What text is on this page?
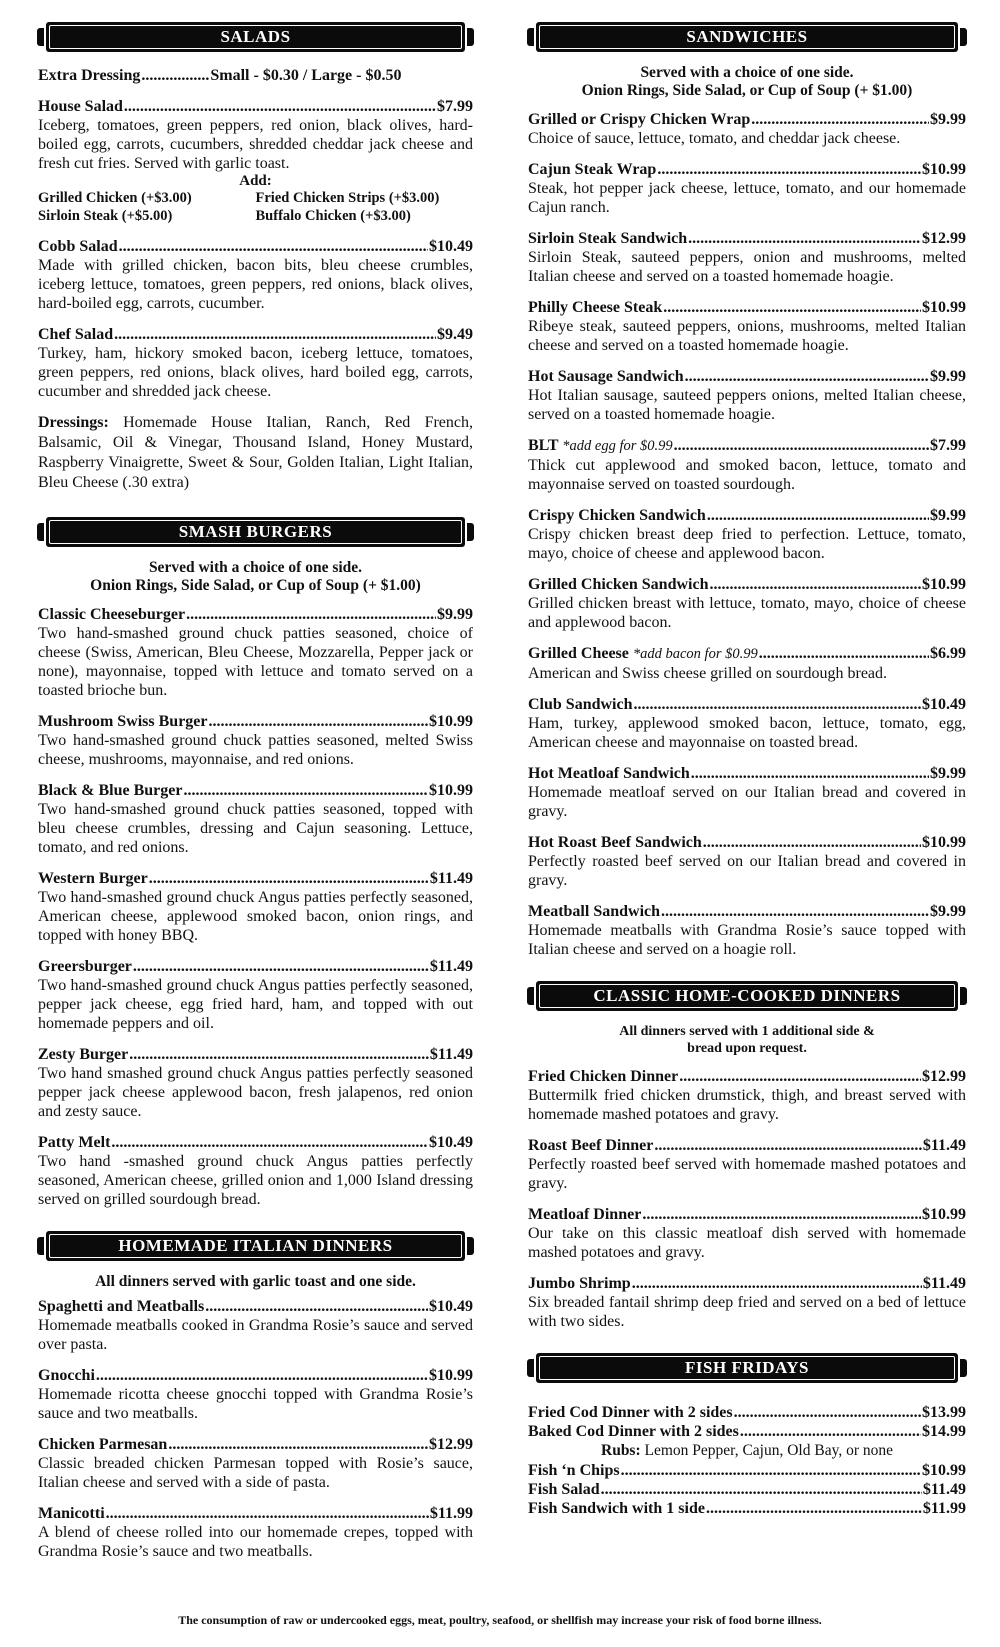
SALADS
Extra Dressing .....	Small - $0.30 / Large - $0.50
House Salad .....	$7.99
Iceberg, tomatoes, green peppers, red onion, black olives, hard-boiled egg, carrots, cucumbers, shredded cheddar jack cheese and fresh cut fries. Served with garlic toast.
Add:
Grilled Chicken (+$3.00)	Fried Chicken Strips (+$3.00)
Sirloin Steak (+$5.00)	Buffalo Chicken (+$3.00)
Cobb Salad .....	$10.49
Made with grilled chicken, bacon bits, bleu cheese crumbles, iceberg lettuce, tomatoes, green peppers, red onions, black olives, hard-boiled egg, carrots, cucumber.
Chef Salad .....	$9.49
Turkey, ham, hickory smoked bacon, iceberg lettuce, tomatoes, green peppers, red onions, black olives, hard boiled egg, carrots, cucumber and shredded jack cheese.
Dressings: Homemade House Italian, Ranch, Red French, Balsamic, Oil & Vinegar, Thousand Island, Honey Mustard, Raspberry Vinaigrette, Sweet & Sour, Golden Italian, Light Italian, Bleu Cheese (.30 extra)
SMASH BURGERS
Served with a choice of one side.
Onion Rings, Side Salad, or Cup of Soup (+ $1.00)
Classic Cheeseburger .....	$9.99
Two hand-smashed ground chuck patties seasoned, choice of cheese (Swiss, American, Bleu Cheese, Mozzarella, Pepper jack or none), mayonnaise, topped with lettuce and tomato served on a toasted brioche bun.
Mushroom Swiss Burger .....	$10.99
Two hand-smashed ground chuck patties seasoned, melted Swiss cheese, mushrooms, mayonnaise, and red onions.
Black & Blue Burger .....	$10.99
Two hand-smashed ground chuck patties seasoned, topped with bleu cheese crumbles, dressing and Cajun seasoning. Lettuce, tomato, and red onions.
Western Burger .....	$11.49
Two hand-smashed ground chuck Angus patties perfectly seasoned, American cheese, applewood smoked bacon, onion rings, and topped with honey BBQ.
Greersburger .....	$11.49
Two hand-smashed ground chuck Angus patties perfectly seasoned, pepper jack cheese, egg fried hard, ham, and topped with out homemade peppers and oil.
Zesty Burger .....	$11.49
Two hand smashed ground chuck Angus patties perfectly seasoned pepper jack cheese applewood bacon, fresh jalapenos, red onion and zesty sauce.
Patty Melt .....	$10.49
Two hand -smashed ground chuck Angus patties perfectly seasoned, American cheese, grilled onion and 1,000 Island dressing served on grilled sourdough bread.
HOMEMADE ITALIAN DINNERS
All dinners served with garlic toast and one side.
Spaghetti and Meatballs .....	$10.49
Homemade meatballs cooked in Grandma Rosie’s sauce and served over pasta.
Gnocchi .....	$10.99
Homemade ricotta cheese gnocchi topped with Grandma Rosie’s sauce and two meatballs.
Chicken Parmesan .....	$12.99
Classic breaded chicken Parmesan topped with Rosie’s sauce, Italian cheese and served with a side of pasta.
Manicotti .....	$11.99
A blend of cheese rolled into our homemade crepes, topped with Grandma Rosie’s sauce and two meatballs.
SANDWICHES
Served with a choice of one side.
Onion Rings, Side Salad, or Cup of Soup (+ $1.00)
Grilled or Crispy Chicken Wrap .....	$9.99
Choice of sauce, lettuce, tomato, and cheddar jack cheese.
Cajun Steak Wrap .....	$10.99
Steak, hot pepper jack cheese, lettuce, tomato, and our homemade Cajun ranch.
Sirloin Steak Sandwich .....	$12.99
Sirloin Steak, sauteed peppers, onion and mushrooms, melted Italian cheese and served on a toasted homemade hoagie.
Philly Cheese Steak .....	$10.99
Ribeye steak, sauteed peppers, onions, mushrooms, melted Italian cheese and served on a toasted homemade hoagie.
Hot Sausage Sandwich .....	$9.99
Hot Italian sausage, sauteed peppers onions, melted Italian cheese, served on a toasted homemade hoagie.
BLT *add egg for $0.99 .....	$7.99
Thick cut applewood and smoked bacon, lettuce, tomato and mayonnaise served on toasted sourdough.
Crispy Chicken Sandwich .....	$9.99
Crispy chicken breast deep fried to perfection. Lettuce, tomato, mayo, choice of cheese and applewood bacon.
Grilled Chicken Sandwich .....	$10.99
Grilled chicken breast with lettuce, tomato, mayo, choice of cheese and applewood bacon.
Grilled Cheese *add bacon for $0.99 .....	$6.99
American and Swiss cheese grilled on sourdough bread.
Club Sandwich .....	$10.49
Ham, turkey, applewood smoked bacon, lettuce, tomato, egg, American cheese and mayonnaise on toasted bread.
Hot Meatloaf Sandwich .....	$9.99
Homemade meatloaf served on our Italian bread and covered in gravy.
Hot Roast Beef Sandwich .....	$10.99
Perfectly roasted beef served on our Italian bread and covered in gravy.
Meatball Sandwich .....	$9.99
Homemade meatballs with Grandma Rosie’s sauce topped with Italian cheese and served on a hoagie roll.
CLASSIC HOME-COOKED DINNERS
All dinners served with 1 additional side &
bread upon request.
Fried Chicken Dinner .....	$12.99
Buttermilk fried chicken drumstick, thigh, and breast served with homemade mashed potatoes and gravy.
Roast Beef Dinner .....	$11.49
Perfectly roasted beef served with homemade mashed potatoes and gravy.
Meatloaf Dinner .....	$10.99
Our take on this classic meatloaf dish served with homemade mashed potatoes and gravy.
Jumbo Shrimp .....	$11.49
Six breaded fantail shrimp deep fried and served on a bed of lettuce with two sides.
FISH FRIDAYS
Fried Cod Dinner with 2 sides .....	$13.99
Baked Cod Dinner with 2 sides .....	$14.99
Rubs: Lemon Pepper, Cajun, Old Bay, or none
Fish ‘n Chips .....	$10.99
Fish Salad .....	$11.49
Fish Sandwich with 1 side .....	$11.99
The consumption of raw or undercooked eggs, meat, poultry, seafood, or shellfish may increase your risk of food borne illness.
